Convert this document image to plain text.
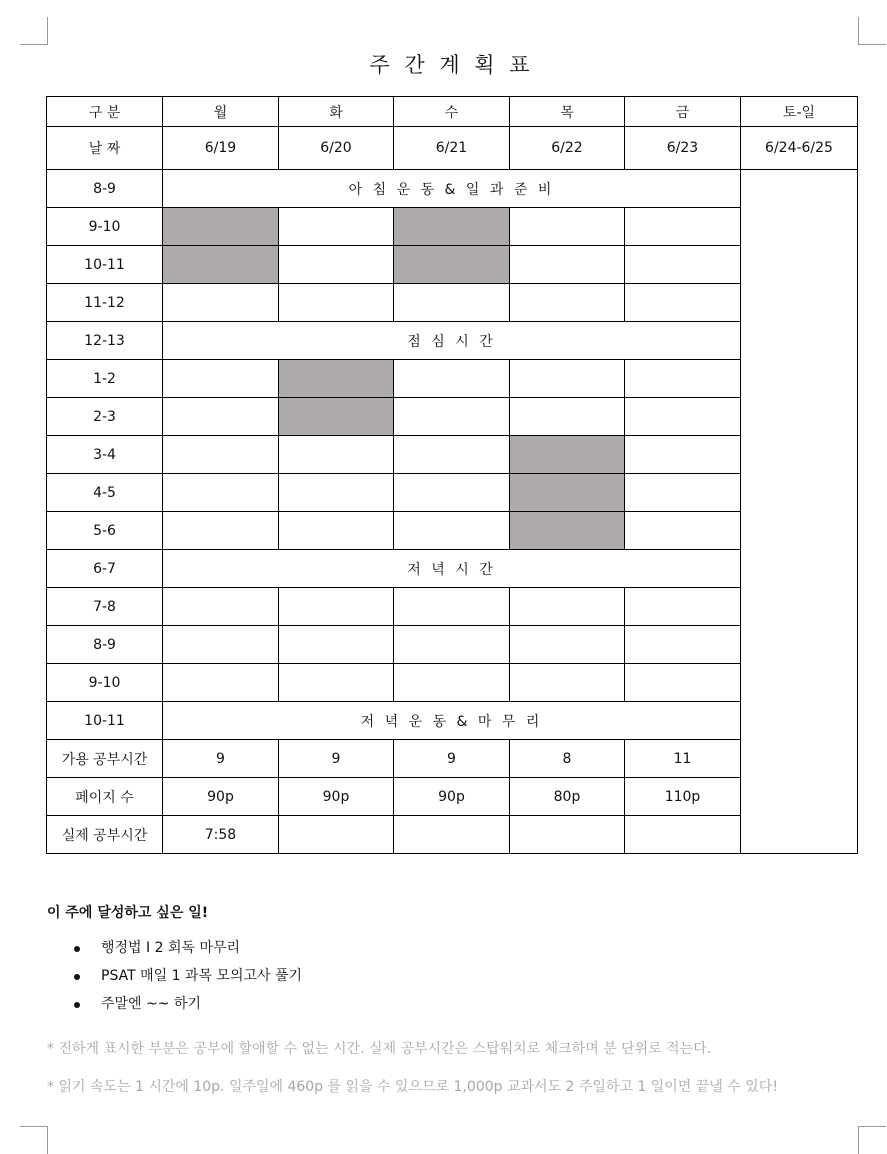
주 간 계 획 표
구 분	월	화	수	목	금	토-일
날 짜	6/19	6/20	6/21	6/22	6/23	6/24-6/25
8-9	아 침 운 동 & 일 과 준 비					
9-10						
10-11						
11-12						
12-13	점 심 시 간					
1-2						
2-3						
3-4						
4-5						
5-6						
6-7	저 녁 시 간					
7-8						
8-9						
9-10						
10-11	저 녁 운 동 & 마 무 리					
가용 공부시간	9	9	9	8	11	
페이지 수	90p	90p	90p	80p	110p	
실제 공부시간	7:58					
이 주에 달성하고 싶은 일!
행정법 I 2 회독 마무리
PSAT 매일 1 과목 모의고사 풀기
주말엔 ~~ 하기
* 진하게 표시한 부분은 공부에 할애할 수 없는 시간. 실제 공부시간은 스탑워치로 체크하며 분 단위로 적는다.
* 읽기 속도는 1 시간에 10p. 일주일에 460p 를 읽을 수 있으므로 1,000p 교과서도 2 주일하고 1 일이면 끝낼 수 있다!
